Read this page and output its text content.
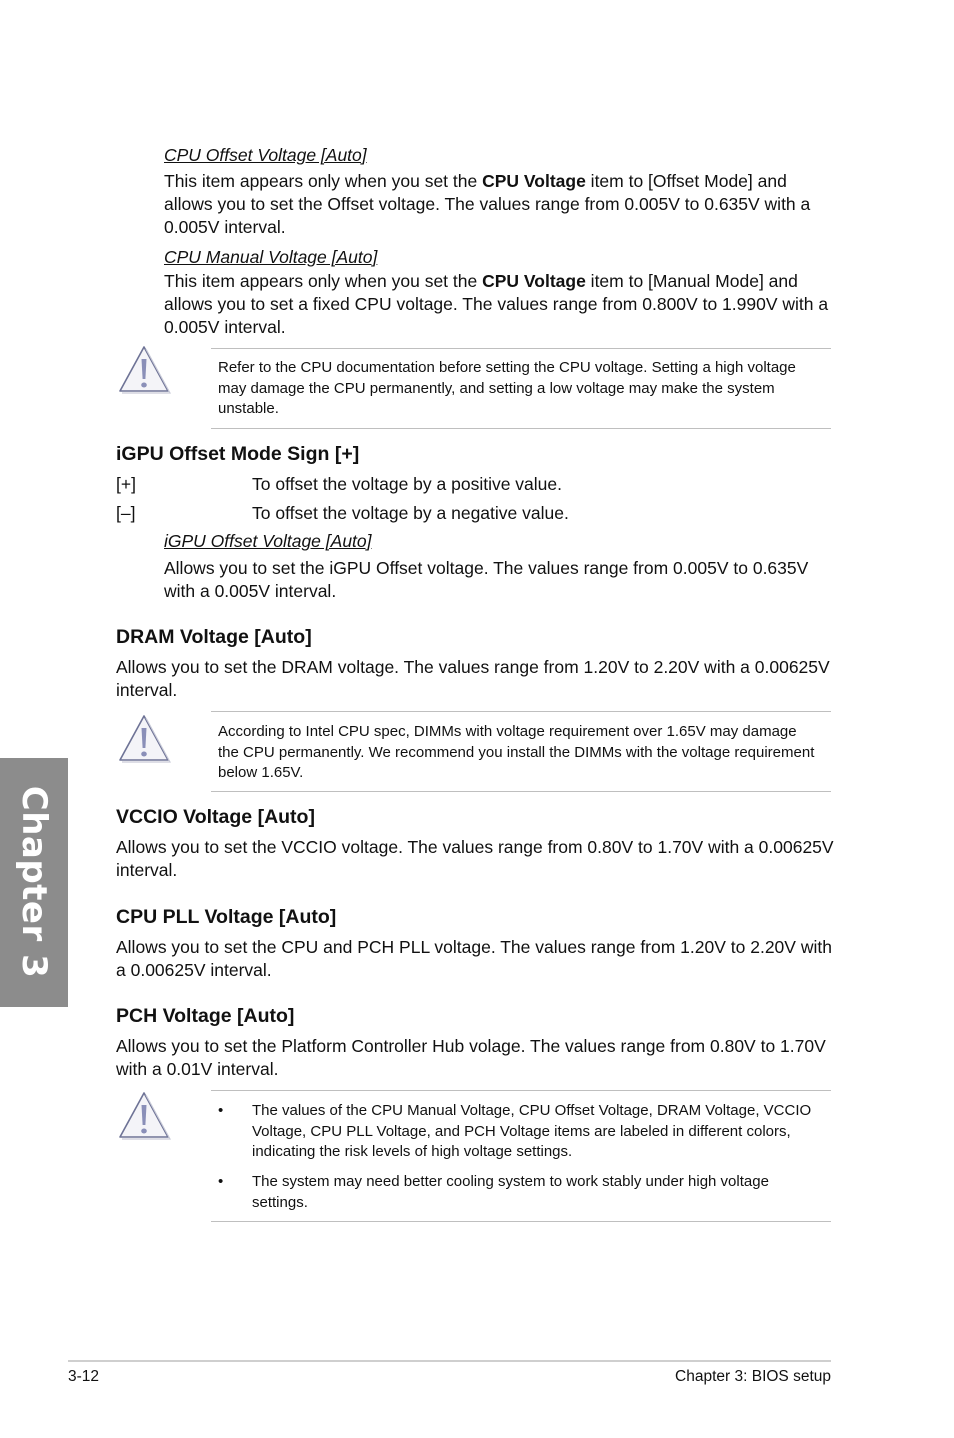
CPU Offset Voltage [Auto]

This item appears only when you set the CPU Voltage item to [Offset Mode] and

allows you to set the Offset voltage. The values range from 0.005V to 0.635V with a

0.005V interval.

CPU Manual Voltage [Auto]

This item appears only when you set the CPU Voltage item to [Manual Mode] and

allows you to set a fixed CPU voltage. The values range from 0.800V to 1.990V with a

0.005V interval.

Refer to the CPU documentation before setting the CPU voltage. Setting a high voltage

may damage the CPU permanently, and setting a low voltage may make the system

unstable.

iGPU Offset Mode Sign [+]
[+]	To offset the voltage by a positive value.
[–]	To offset the voltage by a negative value.
iGPU Offset Voltage [Auto]

Allows you to set the iGPU Offset voltage. The values range from 0.005V to 0.635V

with a 0.005V interval.

DRAM Voltage [Auto]

Allows you to set the DRAM voltage. The values range from 1.20V to 2.20V with a 0.00625V

interval.

According to Intel CPU spec, DIMMs with voltage requirement over 1.65V may damage

the CPU permanently. We recommend you install the DIMMs with the voltage requirement

below 1.65V.

VCCIO Voltage [Auto]

Allows you to set the VCCIO voltage. The values range from 0.80V to 1.70V with a 0.00625V

interval.

CPU PLL Voltage [Auto]

Allows you to set the CPU and PCH PLL voltage. The values range from 1.20V to 2.20V with

a 0.00625V interval.

PCH Voltage [Auto]

Allows you to set the Platform Controller Hub volage. The values range from 0.80V to 1.70V

with a 0.01V interval.

• The values of the CPU Manual Voltage, CPU Offset Voltage, DRAM Voltage, VCCIO

Voltage, CPU PLL Voltage, and PCH Voltage items are labeled in different colors,

indicating the risk levels of high voltage settings.

• The system may need better cooling system to work stably under high voltage

settings.

Chapter 3
3-12	Chapter 3: BIOS setup
